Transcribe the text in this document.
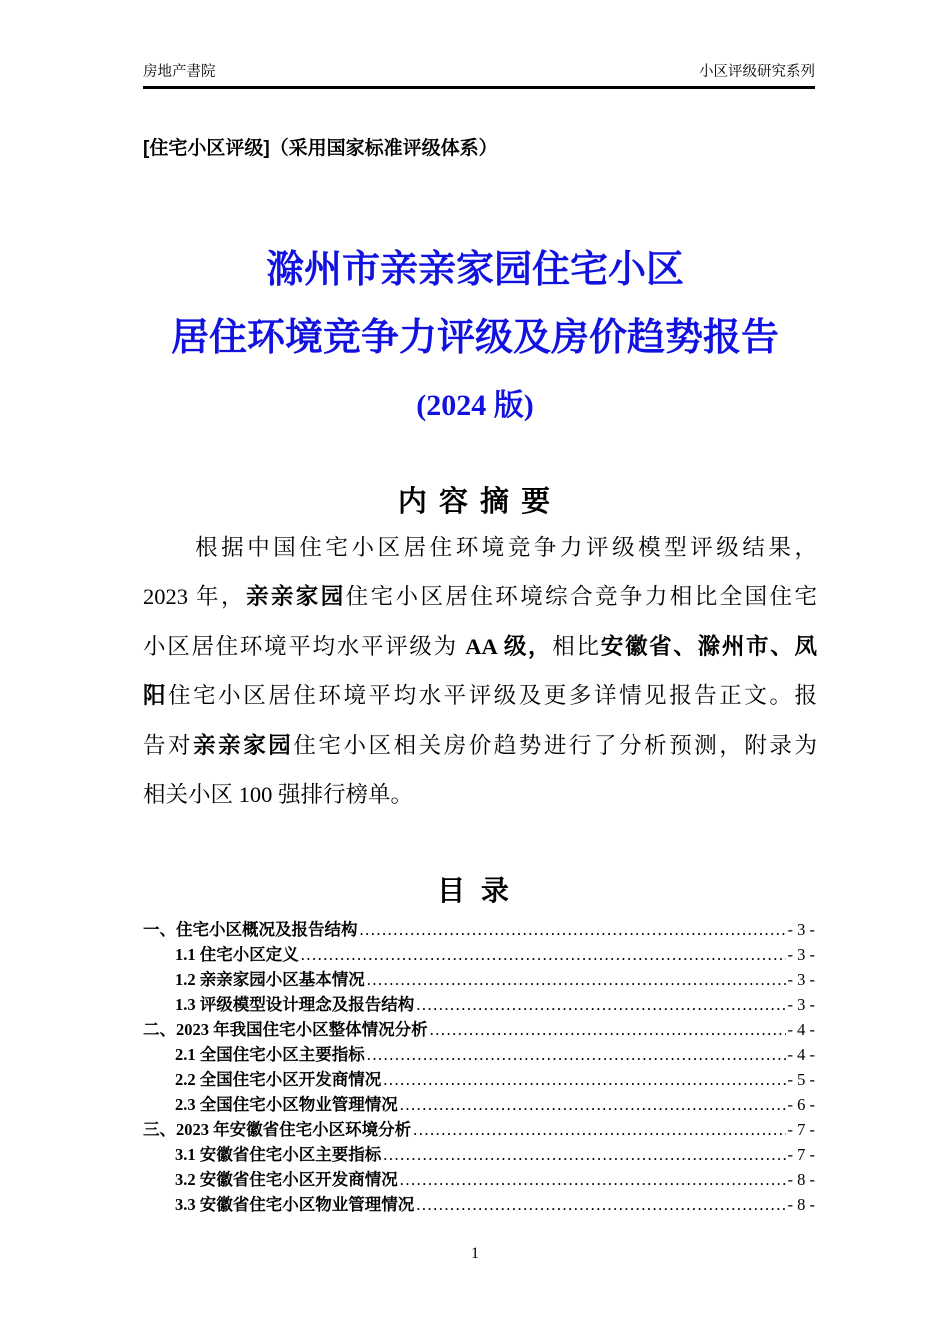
房地产書院	小区评级研究系列
[住宅小区评级]（采用国家标准评级体系）
滁州市亲亲家园住宅小区
居住环境竞争力评级及房价趋势报告
(2024 版)
内 容 摘 要
　　根据中国住宅小区居住环境竞争力评级模型评级结果，
2023 年，亲亲家园住宅小区居住环境综合竞争力相比全国住宅
小区居住环境平均水平评级为 AA 级，相比安徽省、滁州市、凤
阳住宅小区居住环境平均水平评级及更多详情见报告正文。报
告对亲亲家园住宅小区相关房价趋势进行了分析预测，附录为
相关小区 100 强排行榜单。
目 录
一、住宅小区概况及报告结构 .....	- 3 -
1.1 住宅小区定义 .....	- 3 -
1.2 亲亲家园小区基本情况 .....	- 3 -
1.3 评级模型设计理念及报告结构 .....	- 3 -
二、2023 年我国住宅小区整体情况分析 .....	- 4 -
2.1 全国住宅小区主要指标 .....	- 4 -
2.2 全国住宅小区开发商情况 .....	- 5 -
2.3 全国住宅小区物业管理情况 .....	- 6 -
三、2023 年安徽省住宅小区环境分析 .....	- 7 -
3.1 安徽省住宅小区主要指标 .....	- 7 -
3.2 安徽省住宅小区开发商情况 .....	- 8 -
3.3 安徽省住宅小区物业管理情况 .....	- 8 -
1
